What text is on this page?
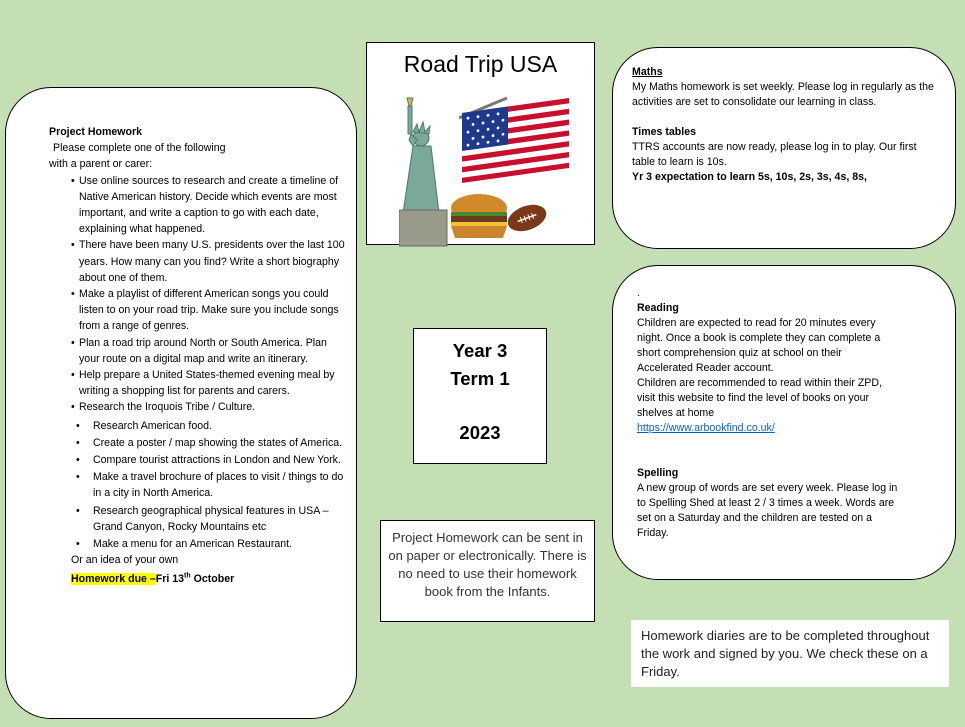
Project Homework
Please complete one of the following
with a parent or carer:
• Use online sources to research and create a timeline of Native American history. Decide which events are most important, and write a caption to go with each date, explaining what happened.
• There have been many U.S. presidents over the last 100 years. How many can you find? Write a short biography about one of them.
• Make a playlist of different American songs you could listen to on your road trip. Make sure you include songs from a range of genres.
• Plan a road trip around North or South America. Plan your route on a digital map and write an itinerary.
• Help prepare a United States-themed evening meal by writing a shopping list for parents and carers.
• Research the Iroquois Tribe / Culture.
• Research American food.
• Create a poster / map showing the states of America.
• Compare tourist attractions in London and New York.
• Make a travel brochure of places to visit / things to do in a city in North America.
• Research geographical physical features in USA – Grand Canyon, Rocky Mountains etc
• Make a menu for an American Restaurant.
Or an idea of your own
Homework due –Fri 13th October
Road Trip USA	Maths
My Maths homework is set weekly. Please log in regularly as the activities are set to consolidate our learning in class.
Times tables
TTRS accounts are now ready, please log in to play. Our first table to learn is 10s.
Yr 3 expectation to learn 5s, 10s, 2s, 3s, 4s, 8s,
Year 3
Term 1
2023
.
Reading
Children are expected to read for 20 minutes every night. Once a book is complete they can complete a short comprehension quiz at school on their Accelerated Reader account.
Children are recommended to read within their ZPD, visit this website to find the level of books on your shelves at home
https://www.arbookfind.co.uk/
Spelling
A new group of words are set every week. Please log in to Spelling Shed at least 2 / 3 times a week. Words are set on a Saturday and the children are tested on a Friday.
Project Homework can be sent in on paper or electronically. There is no need to use their homework book from the Infants.
Homework diaries are to be completed throughout the work and signed by you. We check these on a Friday.
